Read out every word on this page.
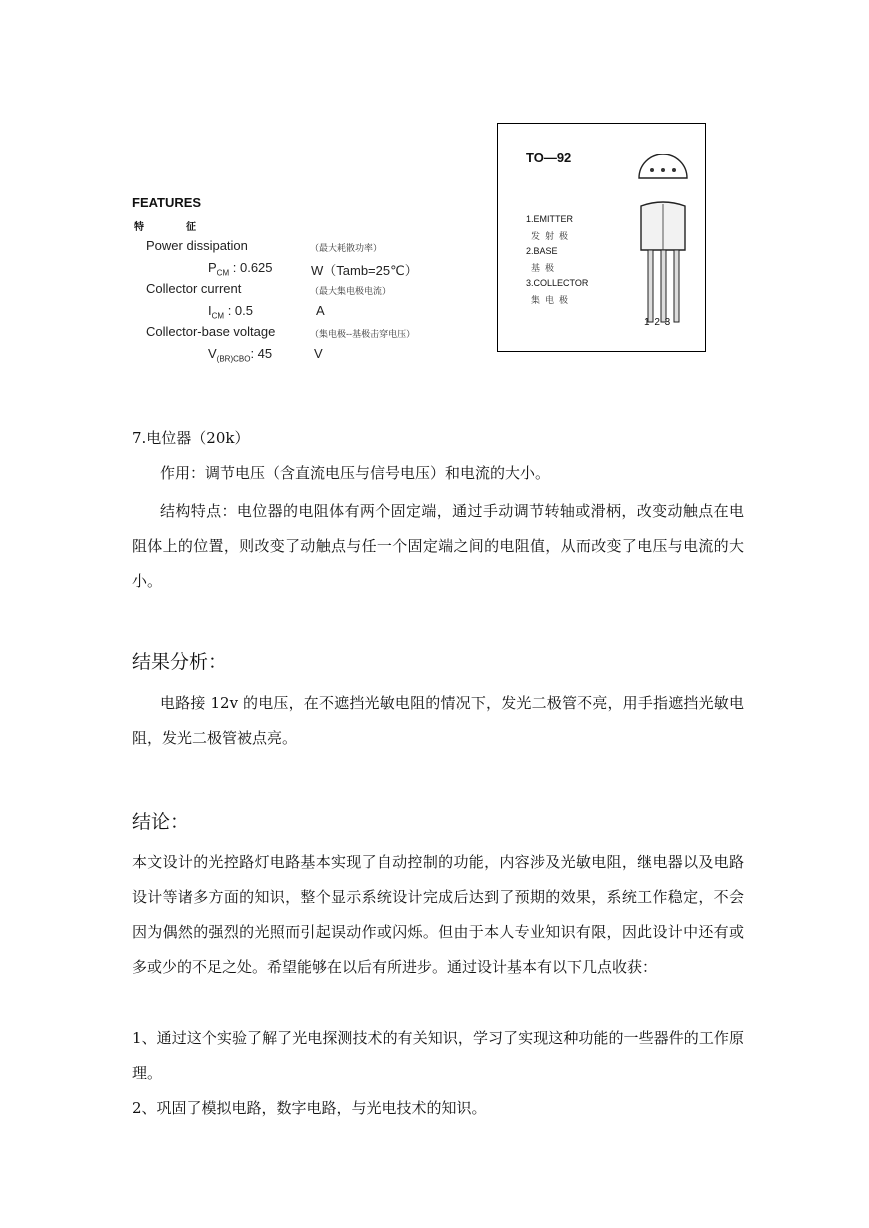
FEATURES
特	征
Power dissipation	（最大耗散功率）
$P_{CM}$ : 0.625	W（Tamb=25℃）
Collector current	（最大集电极电流）
$I_{CM}$ : 0.5	A
Collector-base voltage	（集电极--基极击穿电压）
$V_{(BR)CBO}$: 45	V
TO—92
1.EMITTER
发射极
2.BASE
基极
3.COLLECTOR
集电极
1 2 3
7.电位器（20k）
作用：调节电压（含直流电压与信号电压）和电流的大小。
结构特点：电位器的电阻体有两个固定端，通过手动调节转轴或滑柄，改变动触点在电阻体上的位置，则改变了动触点与任一个固定端之间的电阻值，从而改变了电压与电流的大小。
结果分析：
电路接 12v 的电压，在不遮挡光敏电阻的情况下，发光二极管不亮，用手指遮挡光敏电阻，发光二极管被点亮。
结论：
本文设计的光控路灯电路基本实现了自动控制的功能，内容涉及光敏电阻，继电器以及电路设计等诸多方面的知识，整个显示系统设计完成后达到了预期的效果，系统工作稳定，不会因为偶然的强烈的光照而引起误动作或闪烁。但由于本人专业知识有限，因此设计中还有或多或少的不足之处。希望能够在以后有所进步。通过设计基本有以下几点收获：
1、通过这个实验了解了光电探测技术的有关知识，学习了实现这种功能的一些器件的工作原理。
2、巩固了模拟电路，数字电路，与光电技术的知识。
